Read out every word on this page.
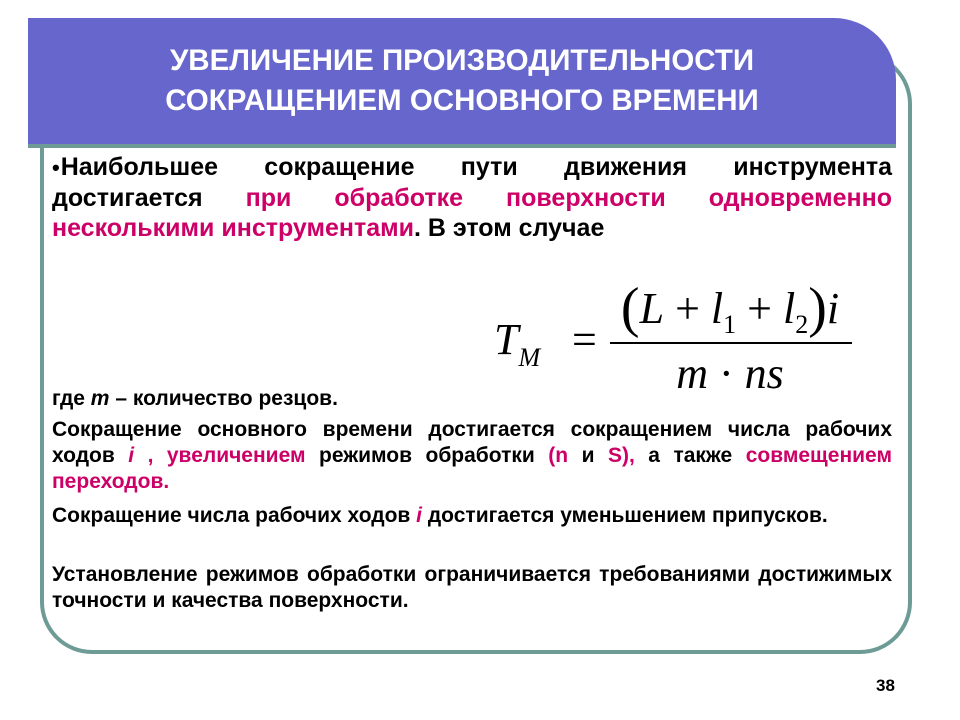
УВЕЛИЧЕНИЕ ПРОИЗВОДИТЕЛЬНОСТИ
СОКРАЩЕНИЕМ ОСНОВНОГО ВРЕМЕНИ
•Наибольшее сокращение пути движения инструмента достигается при обработке поверхности одновременно несколькими инструментами. В этом случае
$T_M$ =
$(L + l_1 + l_2)i$
m · ns
где m – количество резцов.
Сокращение основного времени достигается сокращением числа рабочих ходов i , увеличением режимов обработки (n и S), а также совмещением переходов.
Сокращение числа рабочих ходов i достигается уменьшением припусков.
Установление режимов обработки ограничивается требованиями достижимых точности и качества поверхности.
38
